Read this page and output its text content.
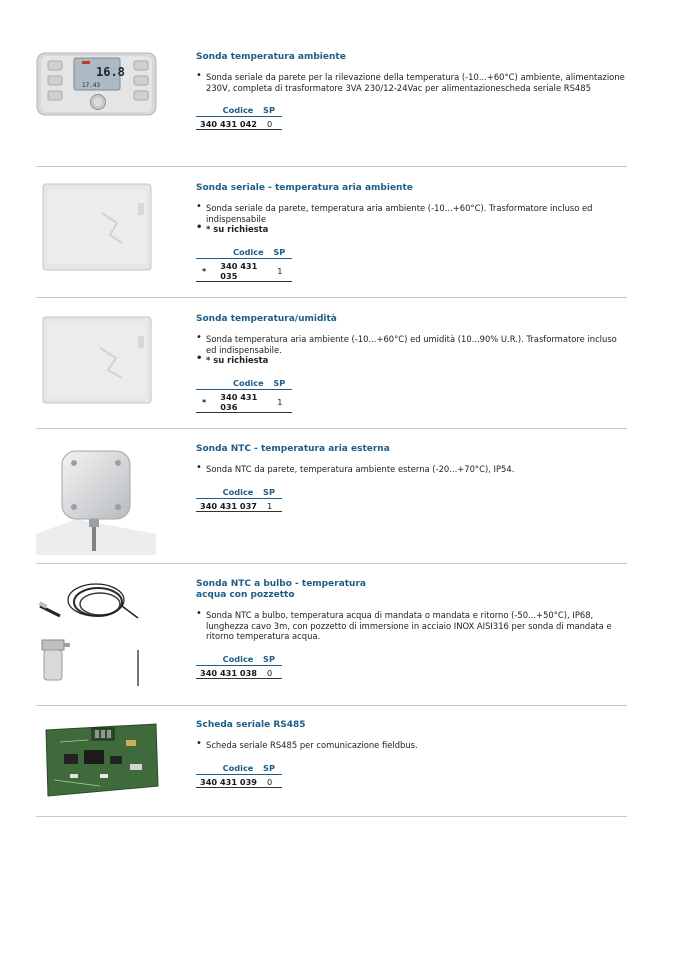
16.8
17.43
Sonda temperatura ambiente
• Sonda seriale da parete per la rilevazione della temperatura (-10...+60°C) ambiente, alimentazione 230V, completa di trasformatore 3VA 230/12-24Vac per alimentazionescheda seriale RS485
Codice	SP
340 431 042	0
Sonda seriale - temperatura aria ambiente
• Sonda seriale da parete, temperatura aria ambiente (-10...+60°C). Trasformatore incluso ed indispensabile
• * su richiesta
	Codice	SP
*	340 431 035	1
Sonda temperatura/umidità
• Sonda temperatura aria ambiente (-10...+60°C) ed umidità (10...90% U.R.). Trasformatore incluso ed indispensabile.
• * su richiesta
	Codice	SP
*	340 431 036	1
Sonda NTC - temperatura aria esterna
• Sonda NTC da parete, temperatura ambiente esterna (-20...+70°C), IP54.
Codice	SP
340 431 037	1
Sonda NTC a bulbo - temperatura acqua con pozzetto
• Sonda NTC a bulbo, temperatura acqua di mandata o mandata e ritorno (-50...+50°C), IP68, lunghezza cavo 3m, con pozzetto di immersione in acciaio INOX AISI316 per sonda di mandata e ritorno temperatura acqua.
Codice	SP
340 431 038	0
Scheda seriale RS485
• Scheda seriale RS485 per comunicazione fieldbus.
Codice	SP
340 431 039	0
